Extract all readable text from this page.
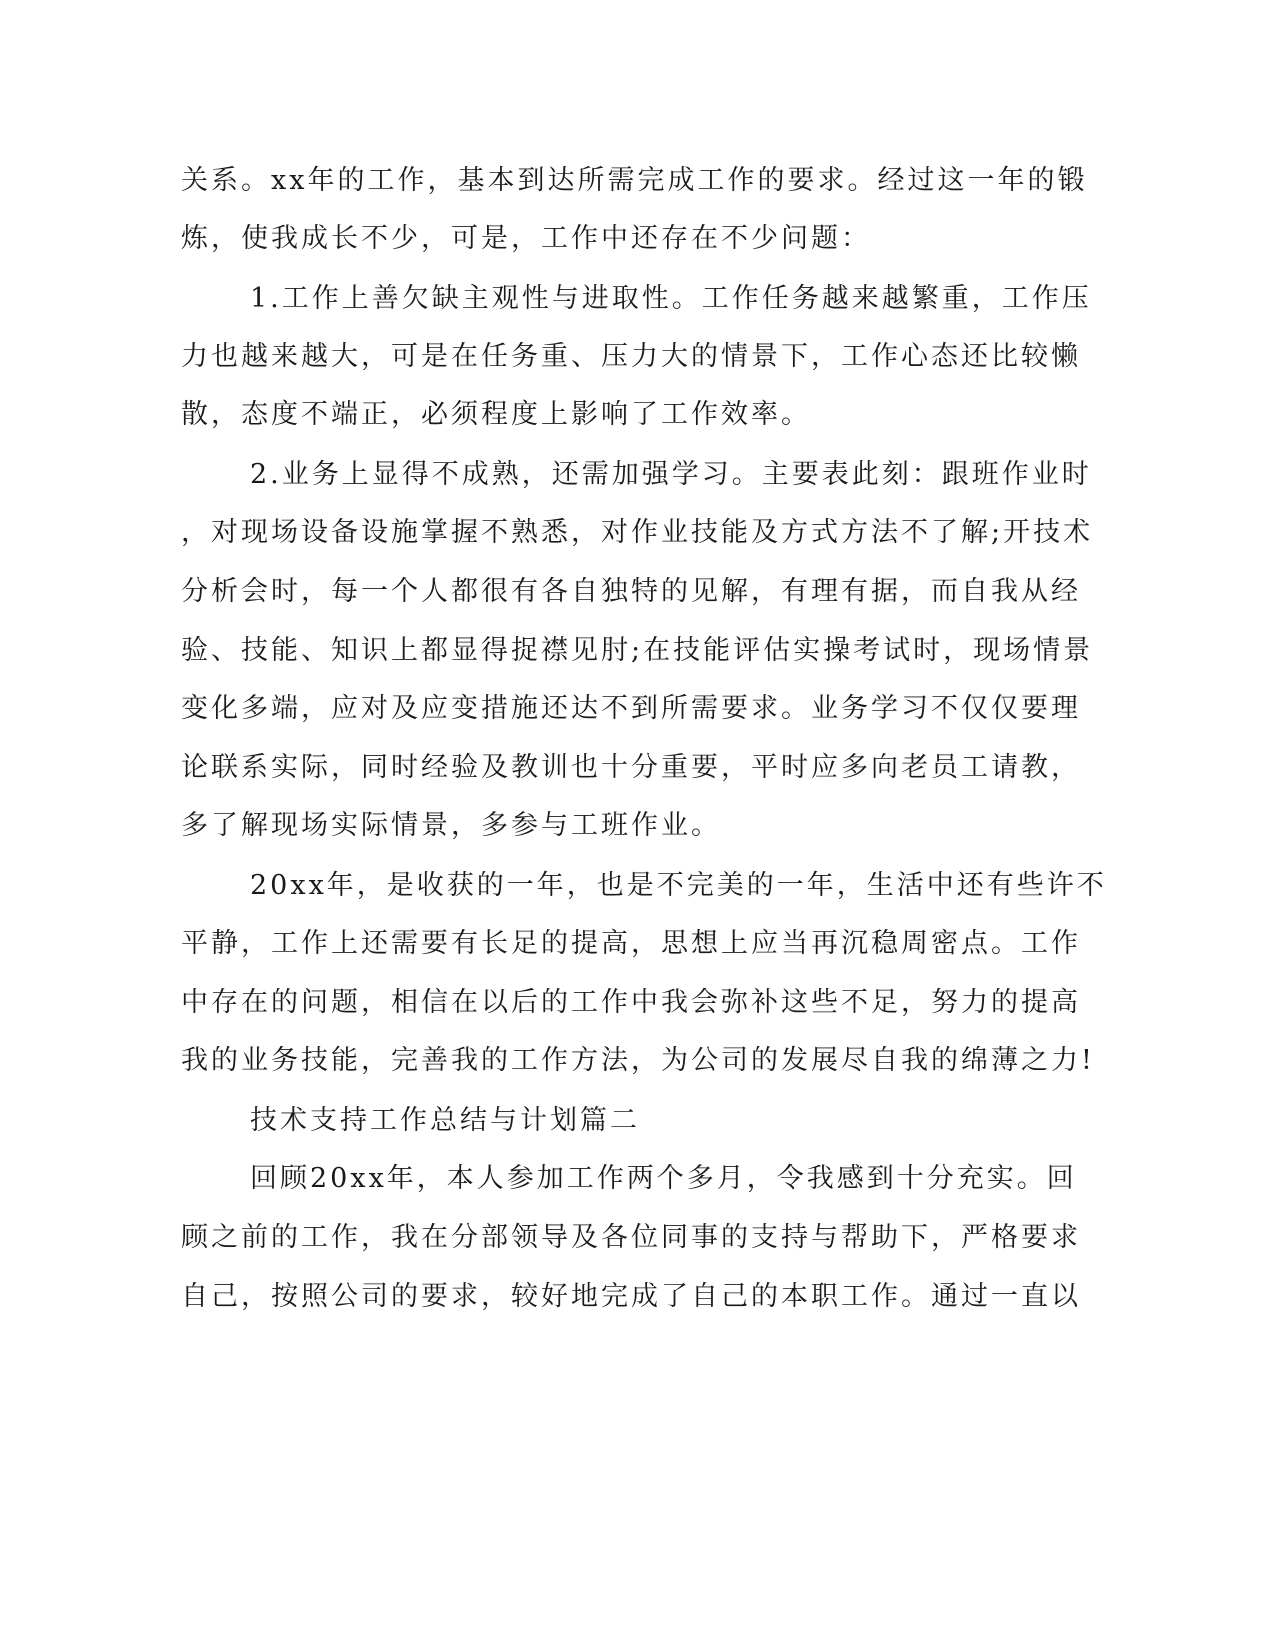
关系。xx年的工作，基本到达所需完成工作的要求。经过这一年的锻
炼，使我成长不少，可是，工作中还存在不少问题：
1.工作上善欠缺主观性与进取性。工作任务越来越繁重，工作压
力也越来越大，可是在任务重、压力大的情景下，工作心态还比较懒
散，态度不端正，必须程度上影响了工作效率。
2.业务上显得不成熟，还需加强学习。主要表此刻：跟班作业时
，对现场设备设施掌握不熟悉，对作业技能及方式方法不了解;开技术
分析会时，每一个人都很有各自独特的见解，有理有据，而自我从经
验、技能、知识上都显得捉襟见肘;在技能评估实操考试时，现场情景
变化多端，应对及应变措施还达不到所需要求。业务学习不仅仅要理
论联系实际，同时经验及教训也十分重要，平时应多向老员工请教，
多了解现场实际情景，多参与工班作业。
20xx年，是收获的一年，也是不完美的一年，生活中还有些许不
平静，工作上还需要有长足的提高，思想上应当再沉稳周密点。工作
中存在的问题，相信在以后的工作中我会弥补这些不足，努力的提高
我的业务技能，完善我的工作方法，为公司的发展尽自我的绵薄之力!
技术支持工作总结与计划篇二
回顾20xx年，本人参加工作两个多月，令我感到十分充实。回
顾之前的工作，我在分部领导及各位同事的支持与帮助下，严格要求
自己，按照公司的要求，较好地完成了自己的本职工作。通过一直以
